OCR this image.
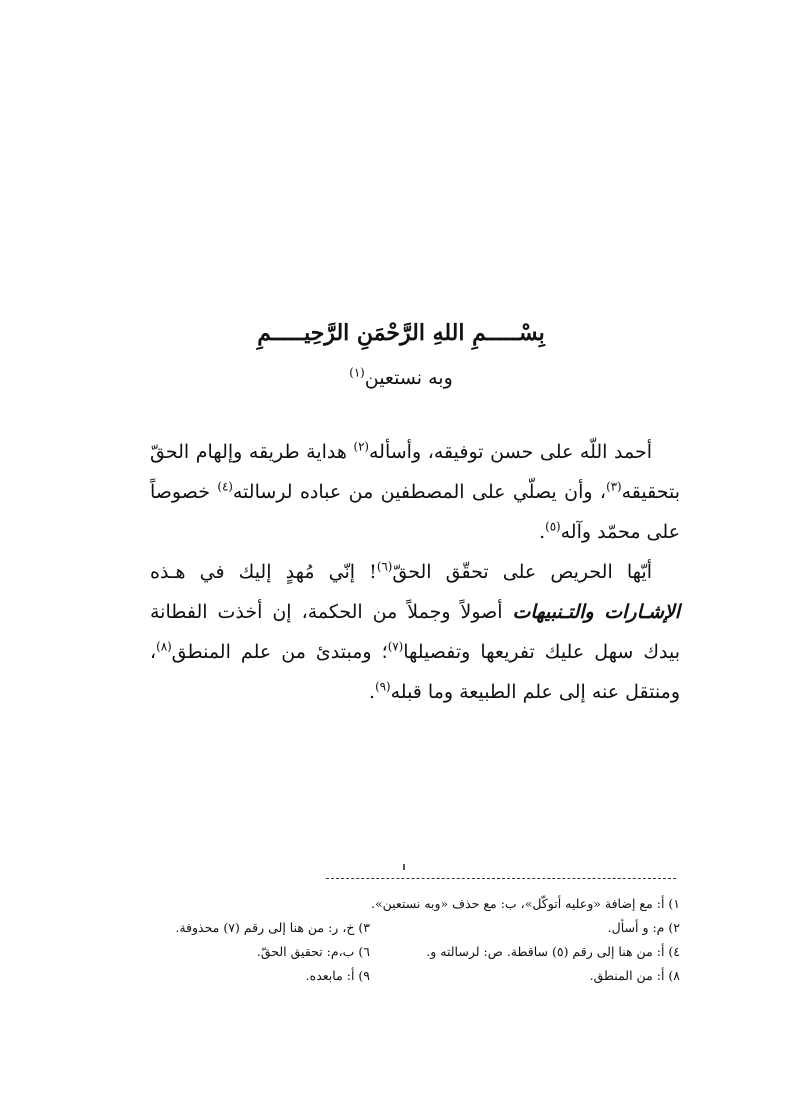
بِسْـــــمِ اللهِ الرَّحْمَنِ الرَّحِيـــــمِ
وبه نستعين$^{(١)}$

أحمد اللّه على حسن توفيقه، وأسأله$^{(٢)}$ هداية طريقه وإلهام الحقّ بتحقيقه$^{(٣)}$، وأن يصلّي على المصطفين من عباده لرسالته$^{(٤)}$ خصوصاً على محمّد وآله$^{(٥)}$.

أيّها الحريص على تحقّق الحقّ$^{(٦)}$! إنّي مُهدٍ إليك في هـذه الإشـارات والتـنبيهات أصولاً وجملاً من الحكمة، إن أخذت الفطانة بيدك سهل عليك تفريعها وتفصيلها$^{(٧)}$؛ ومبتدئ من علم المنطق$^{(٨)}$، ومنتقل عنه إلى علم الطبيعة وما قبله$^{(٩)}$.

١) أ: مع إضافة «وعليه أتوكّل»، ب: مع حذف «وبه نستعين».
٢) م: و أسأل.
٣) خ، ر: من هنا إلى رقم (٧) محذوفة.
٤) أ: من هنا إلى رقم (٥) ساقطة. ص: لرسالته و.
٦) ب،م: تحقيق الحقّ.
٨) أ: من المنطق.
٩) أ: مابعده.
